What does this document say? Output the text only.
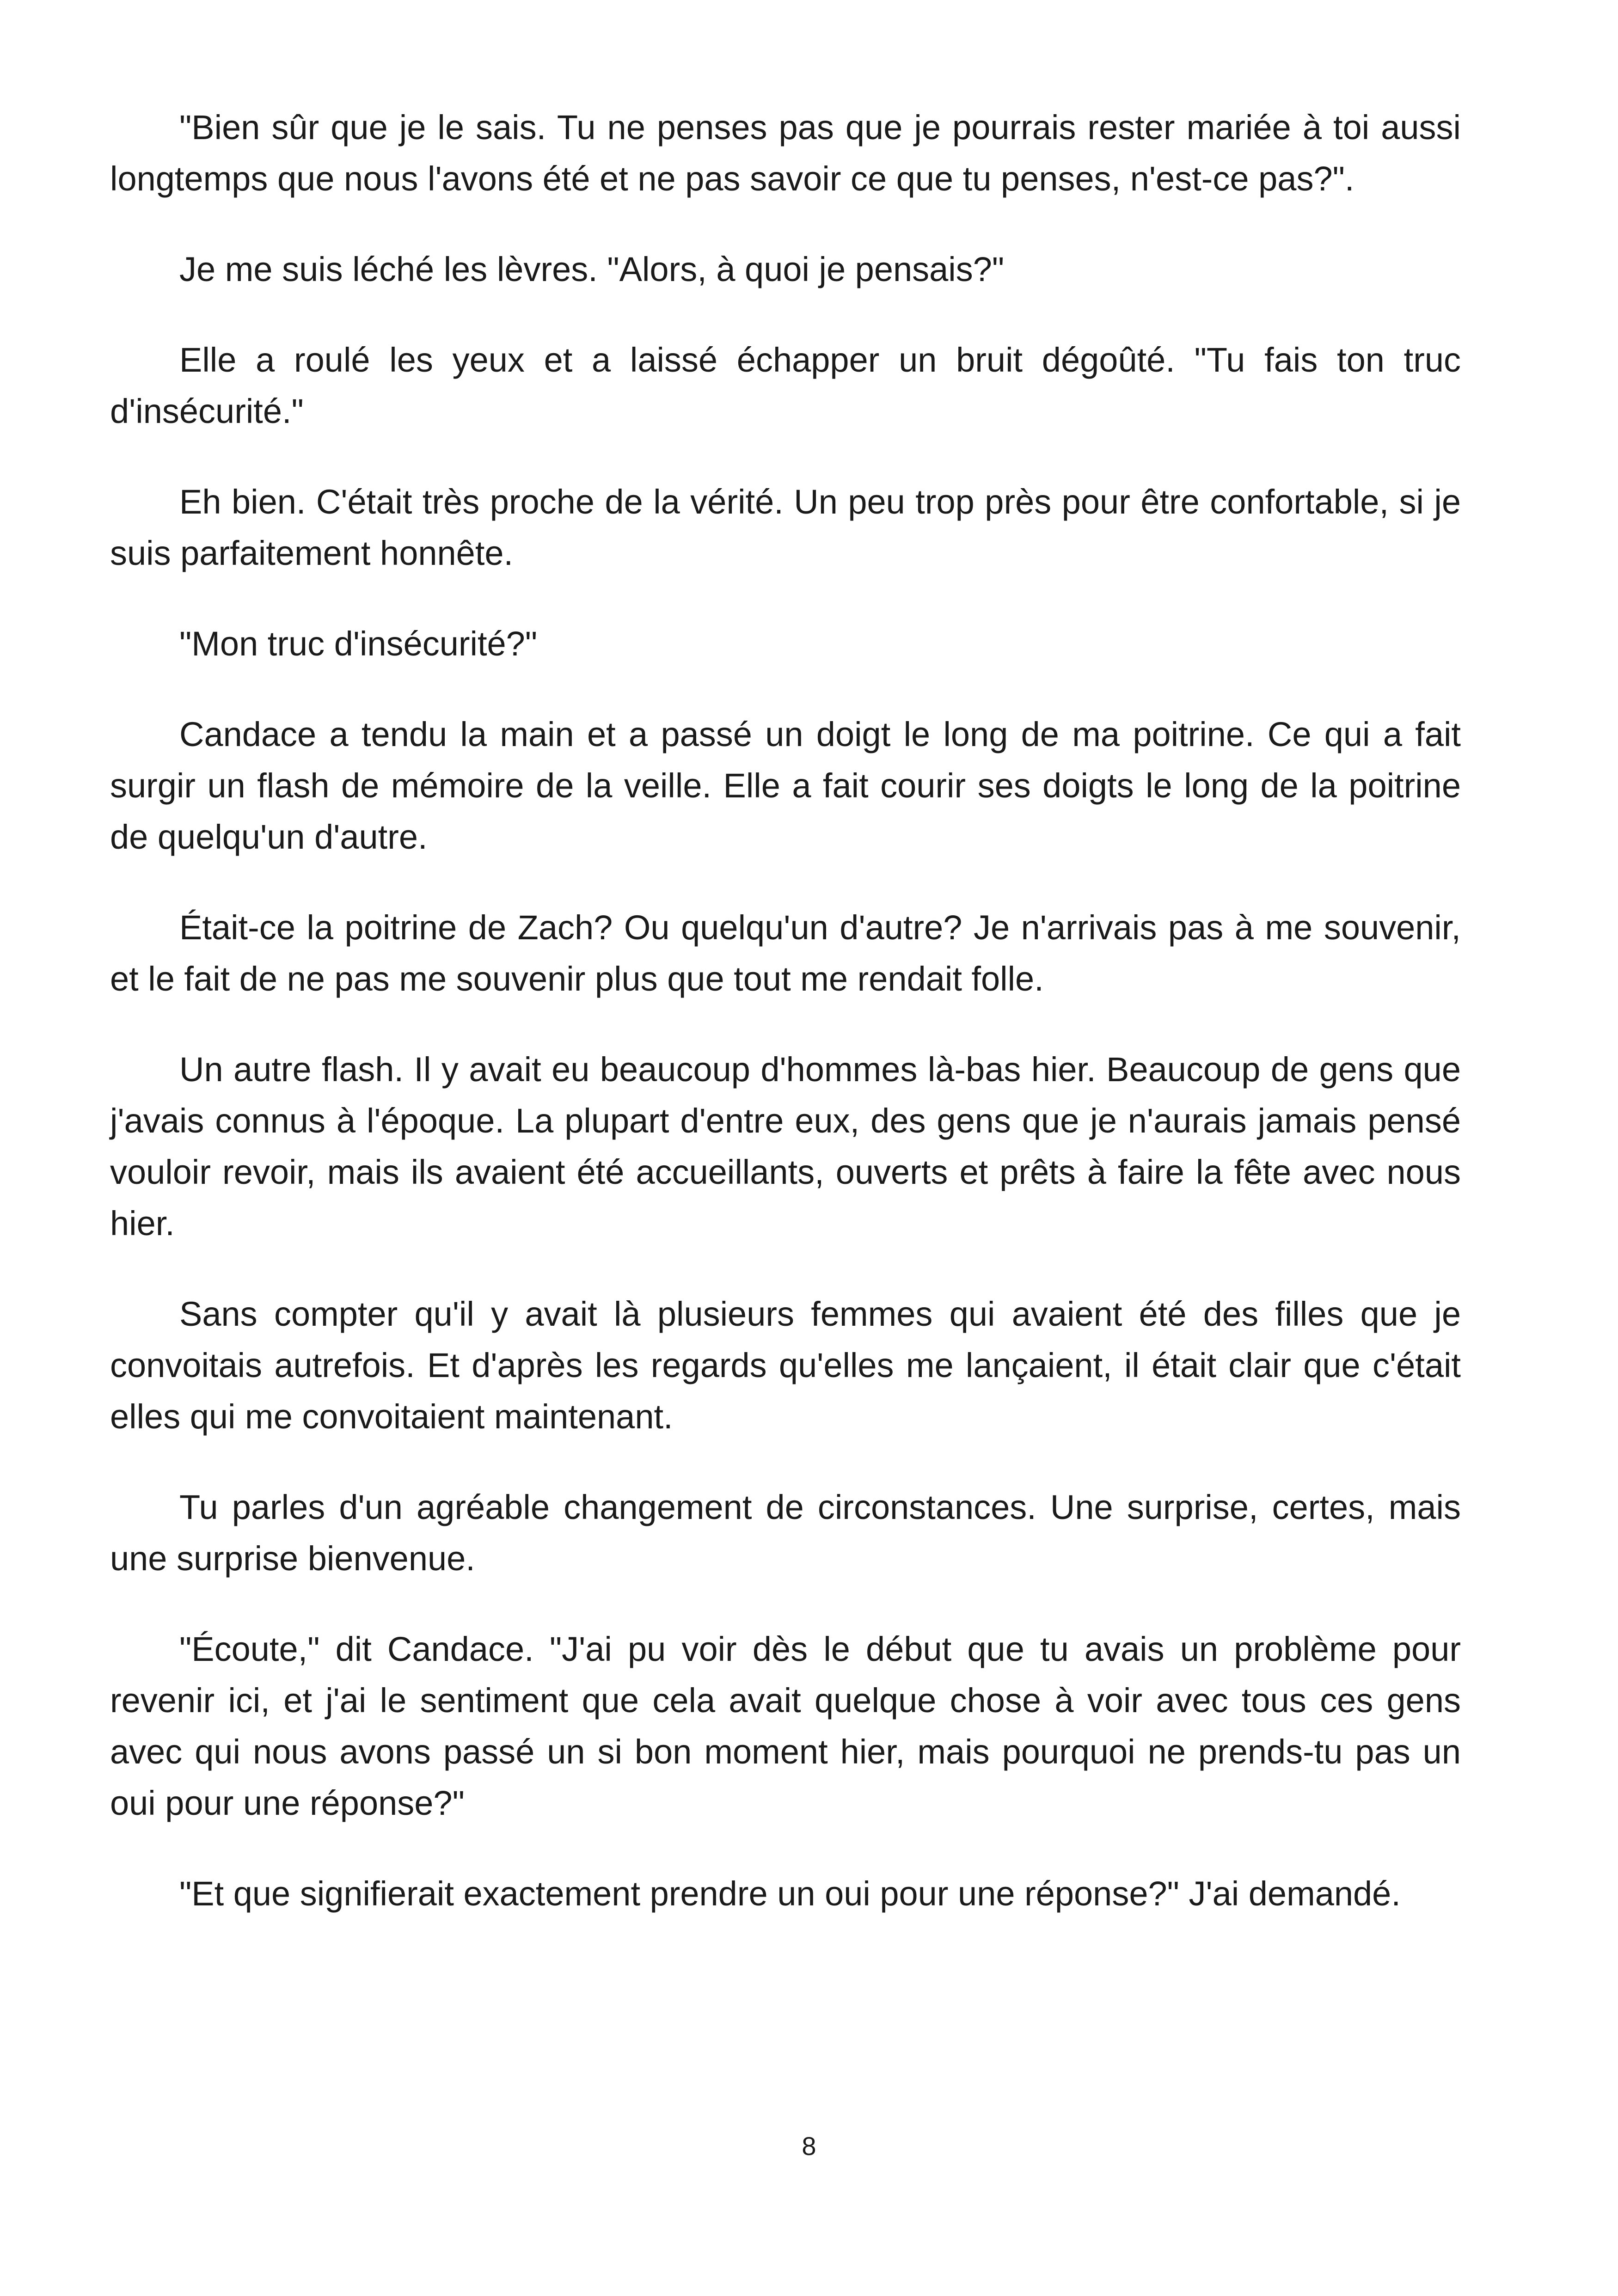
"Bien sûr que je le sais. Tu ne penses pas que je pourrais rester mariée à toi aussi longtemps que nous l'avons été et ne pas savoir ce que tu penses, n'est-ce pas?".

Je me suis léché les lèvres. "Alors, à quoi je pensais?"

Elle a roulé les yeux et a laissé échapper un bruit dégoûté. "Tu fais ton truc d'insécurité."

Eh bien. C'était très proche de la vérité. Un peu trop près pour être confortable, si je suis parfaitement honnête.

"Mon truc d'insécurité?"

Candace a tendu la main et a passé un doigt le long de ma poitrine. Ce qui a fait surgir un flash de mémoire de la veille. Elle a fait courir ses doigts le long de la poitrine de quelqu'un d'autre.

Était-ce la poitrine de Zach? Ou quelqu'un d'autre? Je n'arrivais pas à me souvenir, et le fait de ne pas me souvenir plus que tout me rendait folle.

Un autre flash. Il y avait eu beaucoup d'hommes là-bas hier. Beaucoup de gens que j'avais connus à l'époque. La plupart d'entre eux, des gens que je n'aurais jamais pensé vouloir revoir, mais ils avaient été accueillants, ouverts et prêts à faire la fête avec nous hier.

Sans compter qu'il y avait là plusieurs femmes qui avaient été des filles que je convoitais autrefois. Et d'après les regards qu'elles me lançaient, il était clair que c'était elles qui me convoitaient maintenant.

Tu parles d'un agréable changement de circonstances. Une surprise, certes, mais une surprise bienvenue.

"Écoute," dit Candace. "J'ai pu voir dès le début que tu avais un problème pour revenir ici, et j'ai le sentiment que cela avait quelque chose à voir avec tous ces gens avec qui nous avons passé un si bon moment hier, mais pourquoi ne prends-tu pas un oui pour une réponse?"

"Et que signifierait exactement prendre un oui pour une réponse?" J'ai demandé.

8
